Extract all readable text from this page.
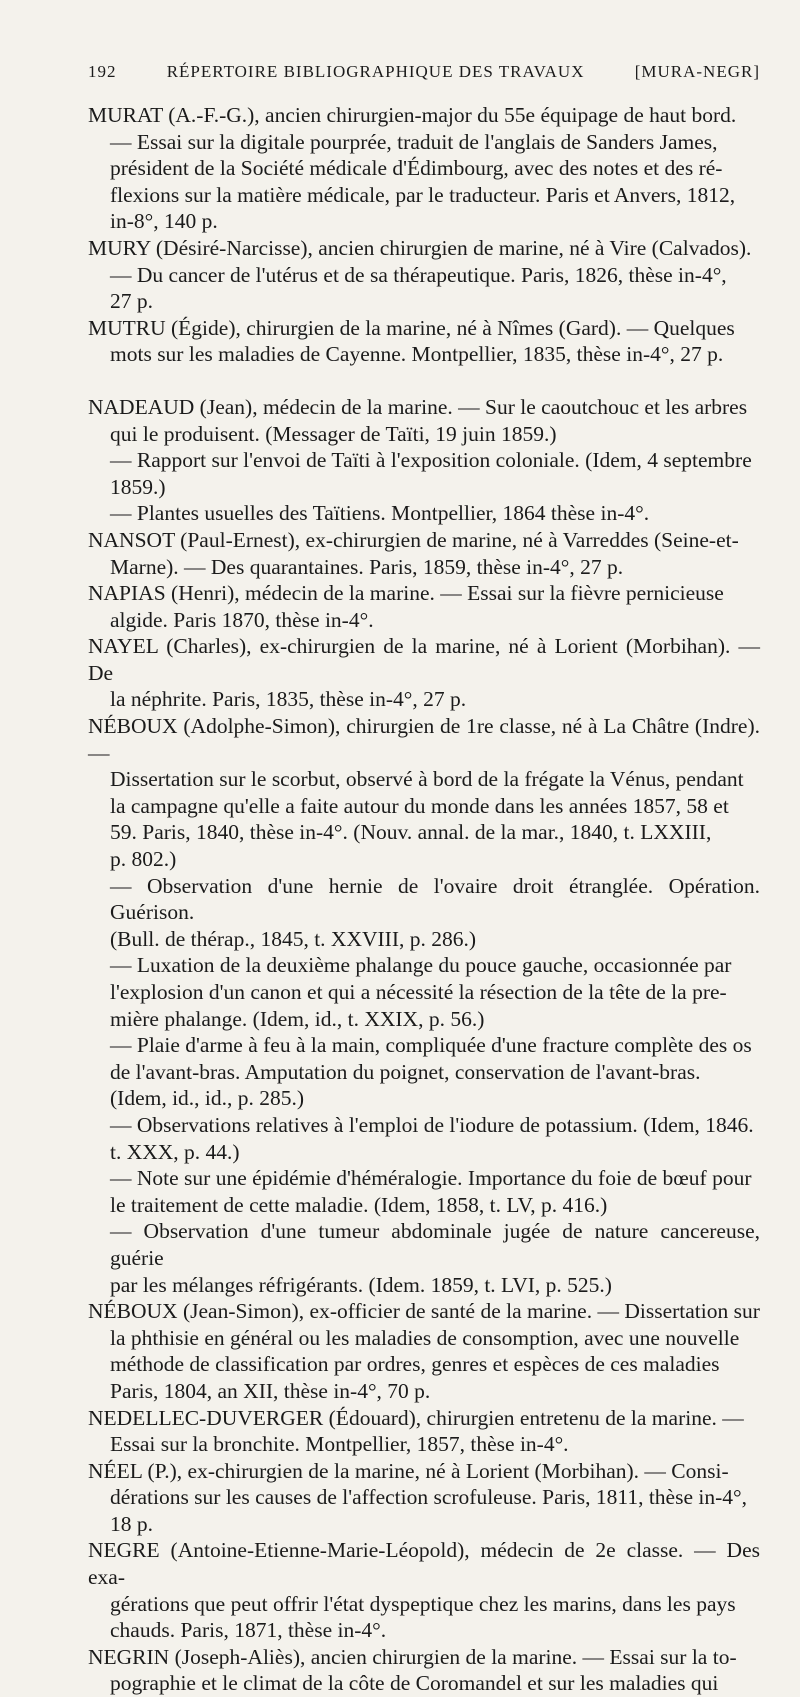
192	RÉPERTOIRE BIBLIOGRAPHIQUE DES TRAVAUX	[MURA-NEGR]
MURAT (A.-F.-G.), ancien chirurgien-major du 55e équipage de haut bord.
— Essai sur la digitale pourprée, traduit de l'anglais de Sanders James,
président de la Société médicale d'Édimbourg, avec des notes et des ré-
flexions sur la matière médicale, par le traducteur. Paris et Anvers, 1812,
in-8°, 140 p.
MURY (Désiré-Narcisse), ancien chirurgien de marine, né à Vire (Calvados).
— Du cancer de l'utérus et de sa thérapeutique. Paris, 1826, thèse in-4°,
27 p.
MUTRU (Égide), chirurgien de la marine, né à Nîmes (Gard). — Quelques
mots sur les maladies de Cayenne. Montpellier, 1835, thèse in-4°, 27 p.
NADEAUD (Jean), médecin de la marine. — Sur le caoutchouc et les arbres
qui le produisent. (Messager de Taïti, 19 juin 1859.)
— Rapport sur l'envoi de Taïti à l'exposition coloniale. (Idem, 4 septembre
1859.)
— Plantes usuelles des Taïtiens. Montpellier, 1864 thèse in-4°.
NANSOT (Paul-Ernest), ex-chirurgien de marine, né à Varreddes (Seine-et-
Marne). — Des quarantaines. Paris, 1859, thèse in-4°, 27 p.
NAPIAS (Henri), médecin de la marine. — Essai sur la fièvre pernicieuse
algide. Paris 1870, thèse in-4°.
NAYEL (Charles), ex-chirurgien de la marine, né à Lorient (Morbihan). — De
la néphrite. Paris, 1835, thèse in-4°, 27 p.
NÉBOUX (Adolphe-Simon), chirurgien de 1re classe, né à La Châtre (Indre). —
Dissertation sur le scorbut, observé à bord de la frégate la Vénus, pendant
la campagne qu'elle a faite autour du monde dans les années 1857, 58 et
59. Paris, 1840, thèse in-4°. (Nouv. annal. de la mar., 1840, t. LXXIII,
p. 802.)
— Observation d'une hernie de l'ovaire droit étranglée. Opération. Guérison.
(Bull. de thérap., 1845, t. XXVIII, p. 286.)
— Luxation de la deuxième phalange du pouce gauche, occasionnée par
l'explosion d'un canon et qui a nécessité la résection de la tête de la pre-
mière phalange. (Idem, id., t. XXIX, p. 56.)
— Plaie d'arme à feu à la main, compliquée d'une fracture complète des os
de l'avant-bras. Amputation du poignet, conservation de l'avant-bras.
(Idem, id., id., p. 285.)
— Observations relatives à l'emploi de l'iodure de potassium. (Idem, 1846.
t. XXX, p. 44.)
— Note sur une épidémie d'héméralogie. Importance du foie de bœuf pour
le traitement de cette maladie. (Idem, 1858, t. LV, p. 416.)
— Observation d'une tumeur abdominale jugée de nature cancereuse, guérie
par les mélanges réfrigérants. (Idem. 1859, t. LVI, p. 525.)
NÉBOUX (Jean-Simon), ex-officier de santé de la marine. — Dissertation sur
la phthisie en général ou les maladies de consomption, avec une nouvelle
méthode de classification par ordres, genres et espèces de ces maladies
Paris, 1804, an XII, thèse in-4°, 70 p.
NEDELLEC-DUVERGER (Édouard), chirurgien entretenu de la marine. —
Essai sur la bronchite. Montpellier, 1857, thèse in-4°.
NÉEL (P.), ex-chirurgien de la marine, né à Lorient (Morbihan). — Consi-
dérations sur les causes de l'affection scrofuleuse. Paris, 1811, thèse in-4°,
18 p.
NEGRE (Antoine-Etienne-Marie-Léopold), médecin de 2e classe. — Des exa-
gérations que peut offrir l'état dyspeptique chez les marins, dans les pays
chauds. Paris, 1871, thèse in-4°.
NEGRIN (Joseph-Aliès), ancien chirurgien de la marine. — Essai sur la to-
pographie et le climat de la côte de Coromandel et sur les maladies qui
